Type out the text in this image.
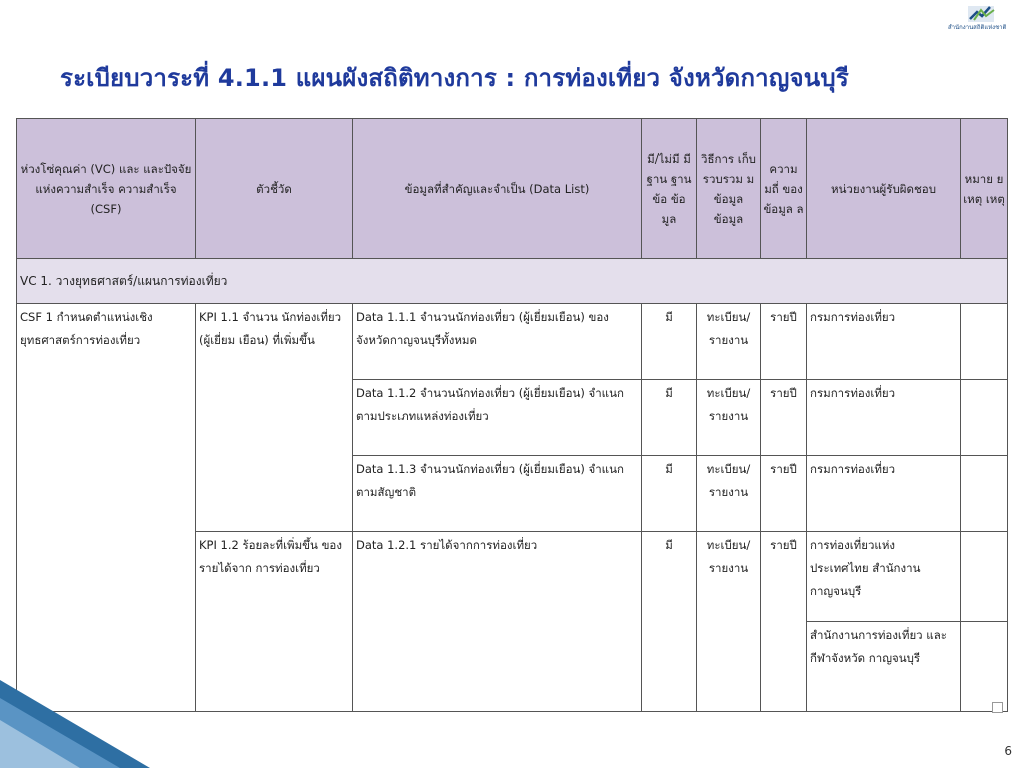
สำนักงานสถิติแห่งชาติ
ระเบียบวาระที่ 4.1.1 แผนผังสถิติทางการ : การท่องเที่ยว จังหวัดกาญจนบุรี
ห่วงโซ่คุณค่า (VC) และ และปัจจัยแห่งความสำเร็จ ความสำเร็จ (CSF)	ตัวชี้วัด	ข้อมูลที่สำคัญและจำเป็น (Data List)	มี/ไม่มี มี ฐาน ฐานข้อ ข้อ มูล	วิธีการ เก็บ รวบรวม มข้อมูล ข้อมูล	ความ มถี่ ของ ข้อมูล ล	หน่วยงานผู้รับผิดชอบ	หมาย ยเหตุ เหตุ
VC 1. วางยุทธศาสตร์/แผนการท่องเที่ยว							
CSF 1 กำหนดตำแหน่งเชิง ยุทธศาสตร์การท่องเที่ยว	KPI 1.1 จำนวน นักท่องเที่ยว (ผู้เยี่ยม เยือน) ที่เพิ่มขึ้น	Data 1.1.1 จำนวนนักท่องเที่ยว (ผู้เยี่ยมเยือน) ของจังหวัดกาญจนบุรีทั้งหมด	มี	ทะเบียน/ รายงาน	รายปี	กรมการท่องเที่ยว	
		Data 1.1.2 จำนวนนักท่องเที่ยว (ผู้เยี่ยมเยือน) จำแนกตามประเภทแหล่งท่องเที่ยว	มี	ทะเบียน/ รายงาน	รายปี	กรมการท่องเที่ยว	
		Data 1.1.3 จำนวนนักท่องเที่ยว (ผู้เยี่ยมเยือน) จำแนกตามสัญชาติ	มี	ทะเบียน/ รายงาน	รายปี	กรมการท่องเที่ยว	
	KPI 1.2 ร้อยละที่เพิ่มขึ้น ของรายได้จาก การท่องเที่ยว	Data 1.2.1 รายได้จากการท่องเที่ยว	มี	ทะเบียน/ รายงาน	รายปี	การท่องเที่ยวแห่ง ประเทศไทย สำนักงาน กาญจนบุรี	
						สำนักงานการท่องเที่ยว และกีฬาจังหวัด กาญจนบุรี	
6
